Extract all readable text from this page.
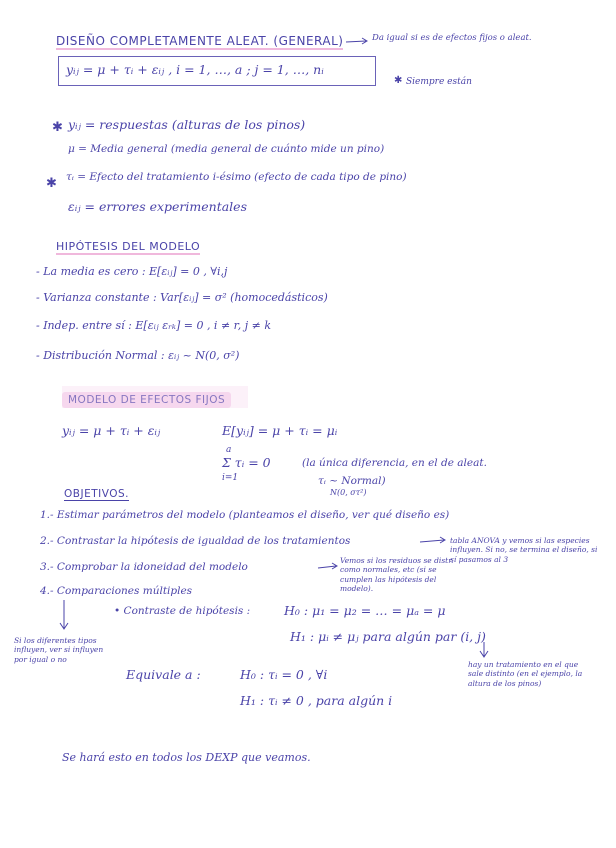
DISEÑO COMPLETAMENTE ALEAT. (GENERAL)	Da igual si es de efectos fijos o aleat.
yᵢⱼ = μ + τᵢ + εᵢⱼ , i = 1, …, a ; j = 1, …, nᵢ
Siempre están
✱
✱ yᵢⱼ = respuestas (alturas de los pinos)
μ = Media general (media general de cuánto mide un pino)
✱ τᵢ = Efecto del tratamiento i-ésimo (efecto de cada tipo de pino)
εᵢⱼ = errores experimentales
HIPÓTESIS DEL MODELO
- La media es cero : E[εᵢⱼ] = 0 , ∀i,j
- Varianza constante : Var[εᵢⱼ] = σ² (homocedásticos)
- Indep. entre sí : E[εᵢⱼ εᵣₖ] = 0 , i ≠ r, j ≠ k
- Distribución Normal : εᵢⱼ ~ N(0, σ²)
MODELO DE EFECTOS FIJOS
yᵢⱼ = μ + τᵢ + εᵢⱼ	E[yᵢⱼ] = μ + τᵢ = μᵢ
a
Σ τᵢ = 0
i=1
(la única diferencia, en el de aleat.
τᵢ ~ Normal)
N(0, στ²)
OBJETIVOS.
1.- Estimar parámetros del modelo (planteamos el diseño, ver qué diseño es)
2.- Contrastar la hipótesis de igualdad de los tratamientos
3.- Comprobar la idoneidad del modelo
4.- Comparaciones múltiples
tabla ANOVA y vemos si las especies influyen. Si no, se termina el diseño, si sí pasamos al 3
Vemos si los residuos se distr. como normales, etc (si se cumplen las hipótesis del modelo).
• Contraste de hipótesis :	H₀ : μ₁ = μ₂ = … = μₐ = μ
H₁ : μᵢ ≠ μⱼ para algún par (i, j)
Equivale a :	H₀ : τᵢ = 0 , ∀i
H₁ : τᵢ ≠ 0 , para algún i
Si los diferentes tipos influyen, ver si influyen por igual o no
hay un tratamiento en el que sale distinto (en el ejemplo, la altura de los pinos)
Se hará esto en todos los DEXP que veamos.
